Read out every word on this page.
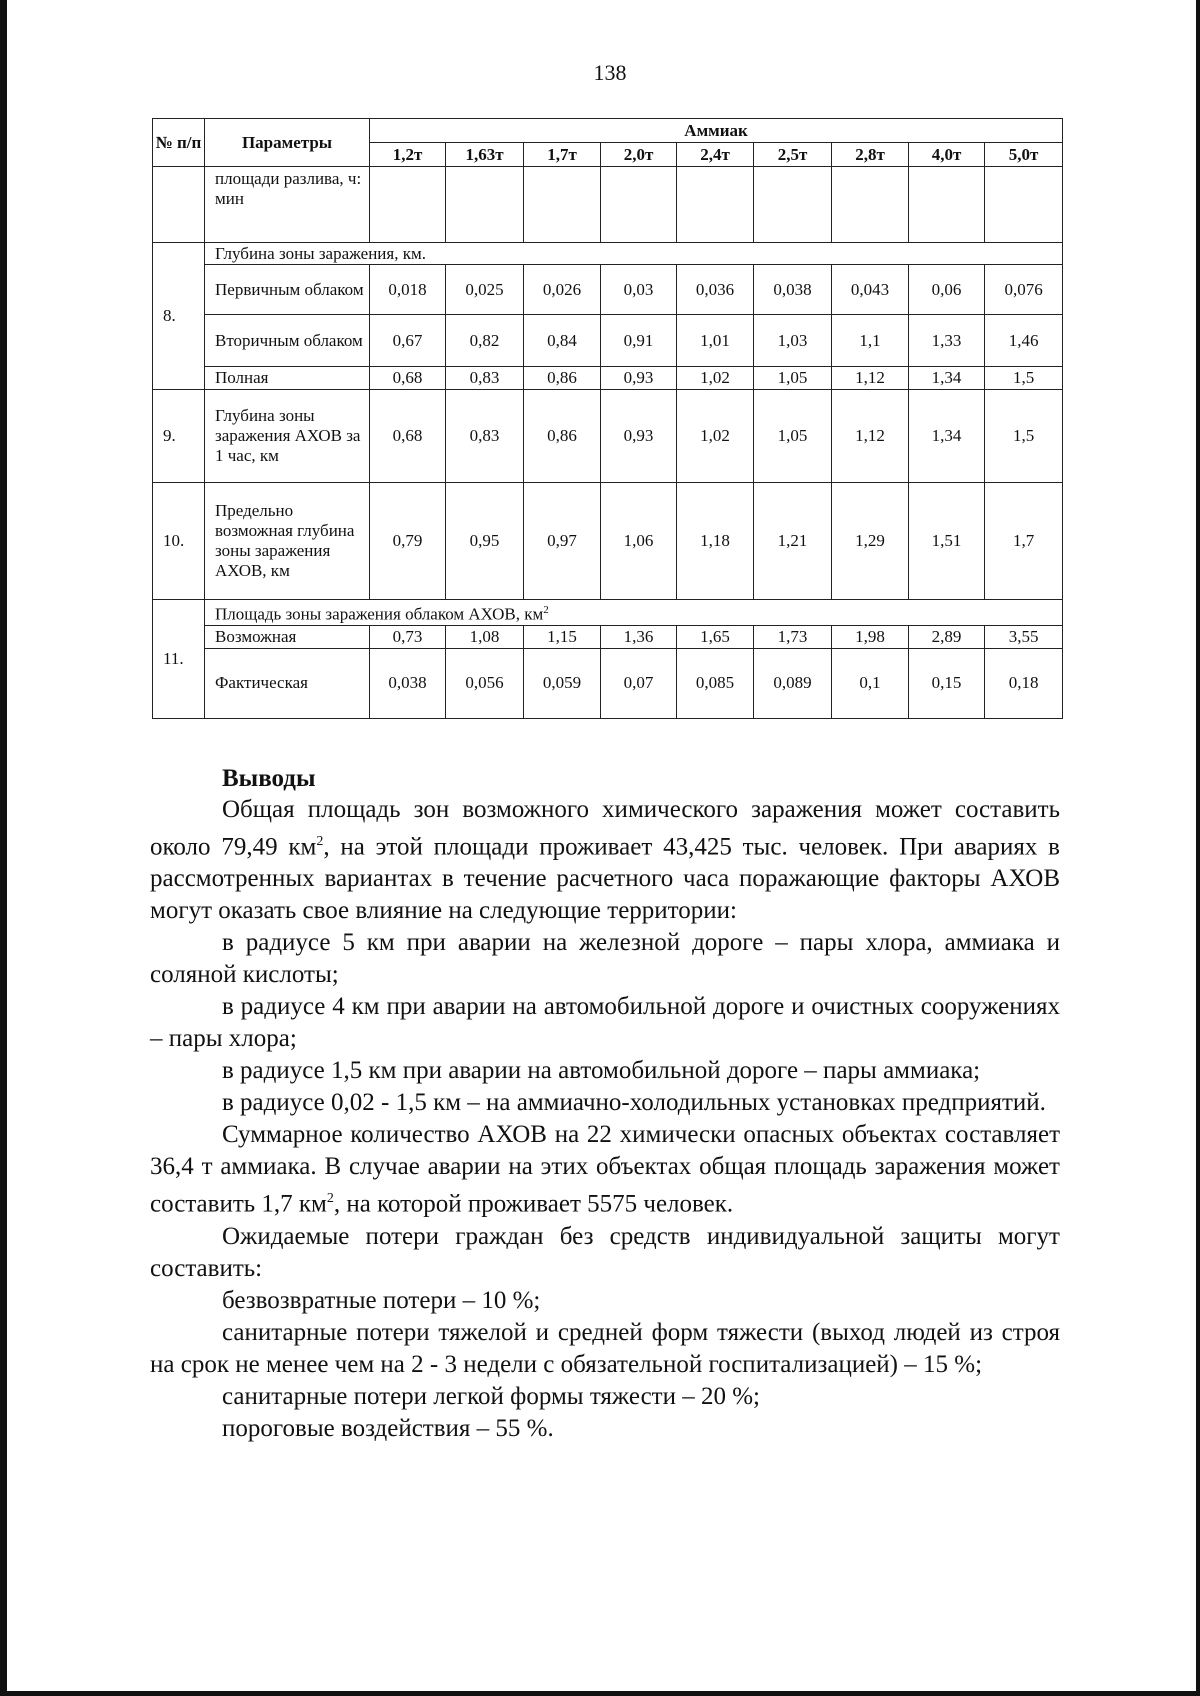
138
№ п/п	Параметры	Аммиак								
		1,2т	1,63т	1,7т	2,0т	2,4т	2,5т	2,8т	4,0т	5,0т
	площади разлива, ч: мин									
8.	Глубина зоны заражения, км.									
	Первичным облаком	0,018	0,025	0,026	0,03	0,036	0,038	0,043	0,06	0,076
	Вторичным облаком	0,67	0,82	0,84	0,91	1,01	1,03	1,1	1,33	1,46
	Полная	0,68	0,83	0,86	0,93	1,02	1,05	1,12	1,34	1,5
9.	Глубина зоны заражения АХОВ за 1 час, км	0,68	0,83	0,86	0,93	1,02	1,05	1,12	1,34	1,5
10.	Предельно возможная глубина зоны заражения АХОВ, км	0,79	0,95	0,97	1,06	1,18	1,21	1,29	1,51	1,7
11.	Площадь зоны заражения облаком АХОВ, $км^2$
	Возможная	0,73	1,08	1,15	1,36	1,65	1,73	1,98	2,89	3,55
	Фактическая	0,038	0,056	0,059	0,07	0,085	0,089	0,1	0,15	0,18
Выводы

Общая площадь зон возможного химического заражения может составить около 79,49 $км^2$, на этой площади проживает 43,425 тыс. человек. При авариях в рассмотренных вариантах в течение расчетного часа поражающие факторы АХОВ могут оказать свое влияние на следующие территории:

в радиусе 5 км при аварии на железной дороге – пары хлора, аммиака и соляной кислоты;

в радиусе 4 км при аварии на автомобильной дороге и очистных сооружениях – пары хлора;

в радиусе 1,5 км при аварии на автомобильной дороге – пары аммиака;

в радиусе 0,02 - 1,5 км – на аммиачно-холодильных установках предприятий.

Суммарное количество АХОВ на 22 химически опасных объектах составляет 36,4 т аммиака. В случае аварии на этих объектах общая площадь заражения может составить 1,7 $км^2$, на которой проживает 5575 человек.

Ожидаемые потери граждан без средств индивидуальной защиты могут составить:

безвозвратные потери – 10 %;

санитарные потери тяжелой и средней форм тяжести (выход людей из строя на срок не менее чем на 2 - 3 недели с обязательной госпитализацией) – 15 %;

санитарные потери легкой формы тяжести – 20 %;

пороговые воздействия – 55 %.
